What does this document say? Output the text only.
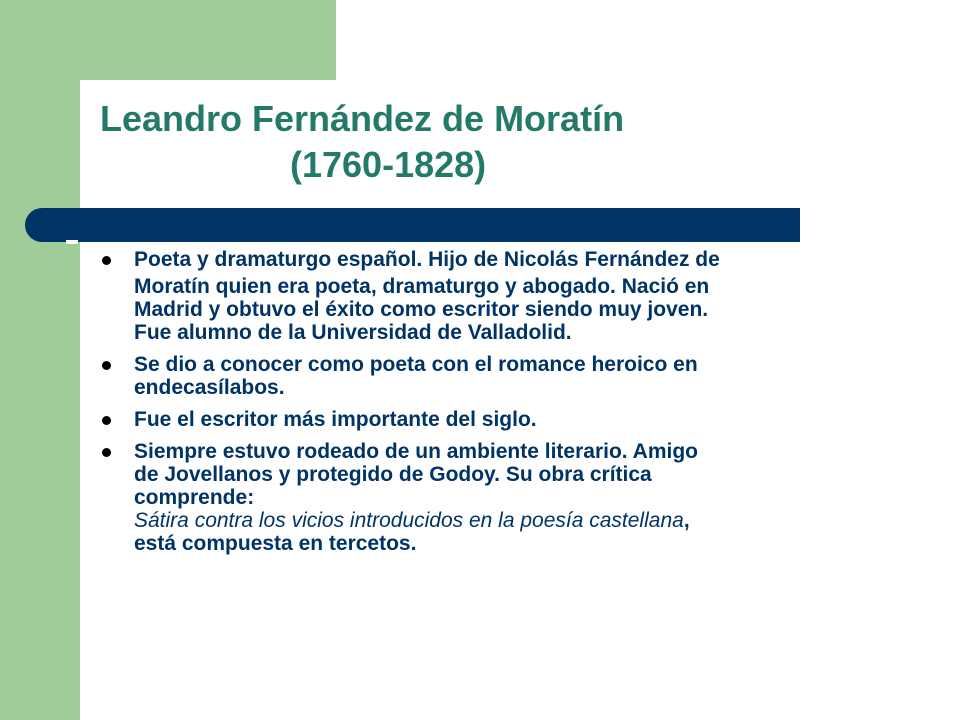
Leandro Fernández de Moratín
(1760-1828)
Poeta y dramaturgo español. Hijo de Nicolás Fernández de
Moratín quien era poeta, dramaturgo y abogado. Nació en
Madrid y obtuvo el éxito como escritor siendo muy joven.
Fue alumno de la Universidad de Valladolid.
Se dio a conocer como poeta con el romance heroico en
endecasílabos.
Fue el escritor más importante del siglo.
Siempre estuvo rodeado de un ambiente literario. Amigo
de Jovellanos y protegido de Godoy. Su obra crítica
comprende:
Sátira contra los vicios introducidos en la poesía castellana,
está compuesta en tercetos.
